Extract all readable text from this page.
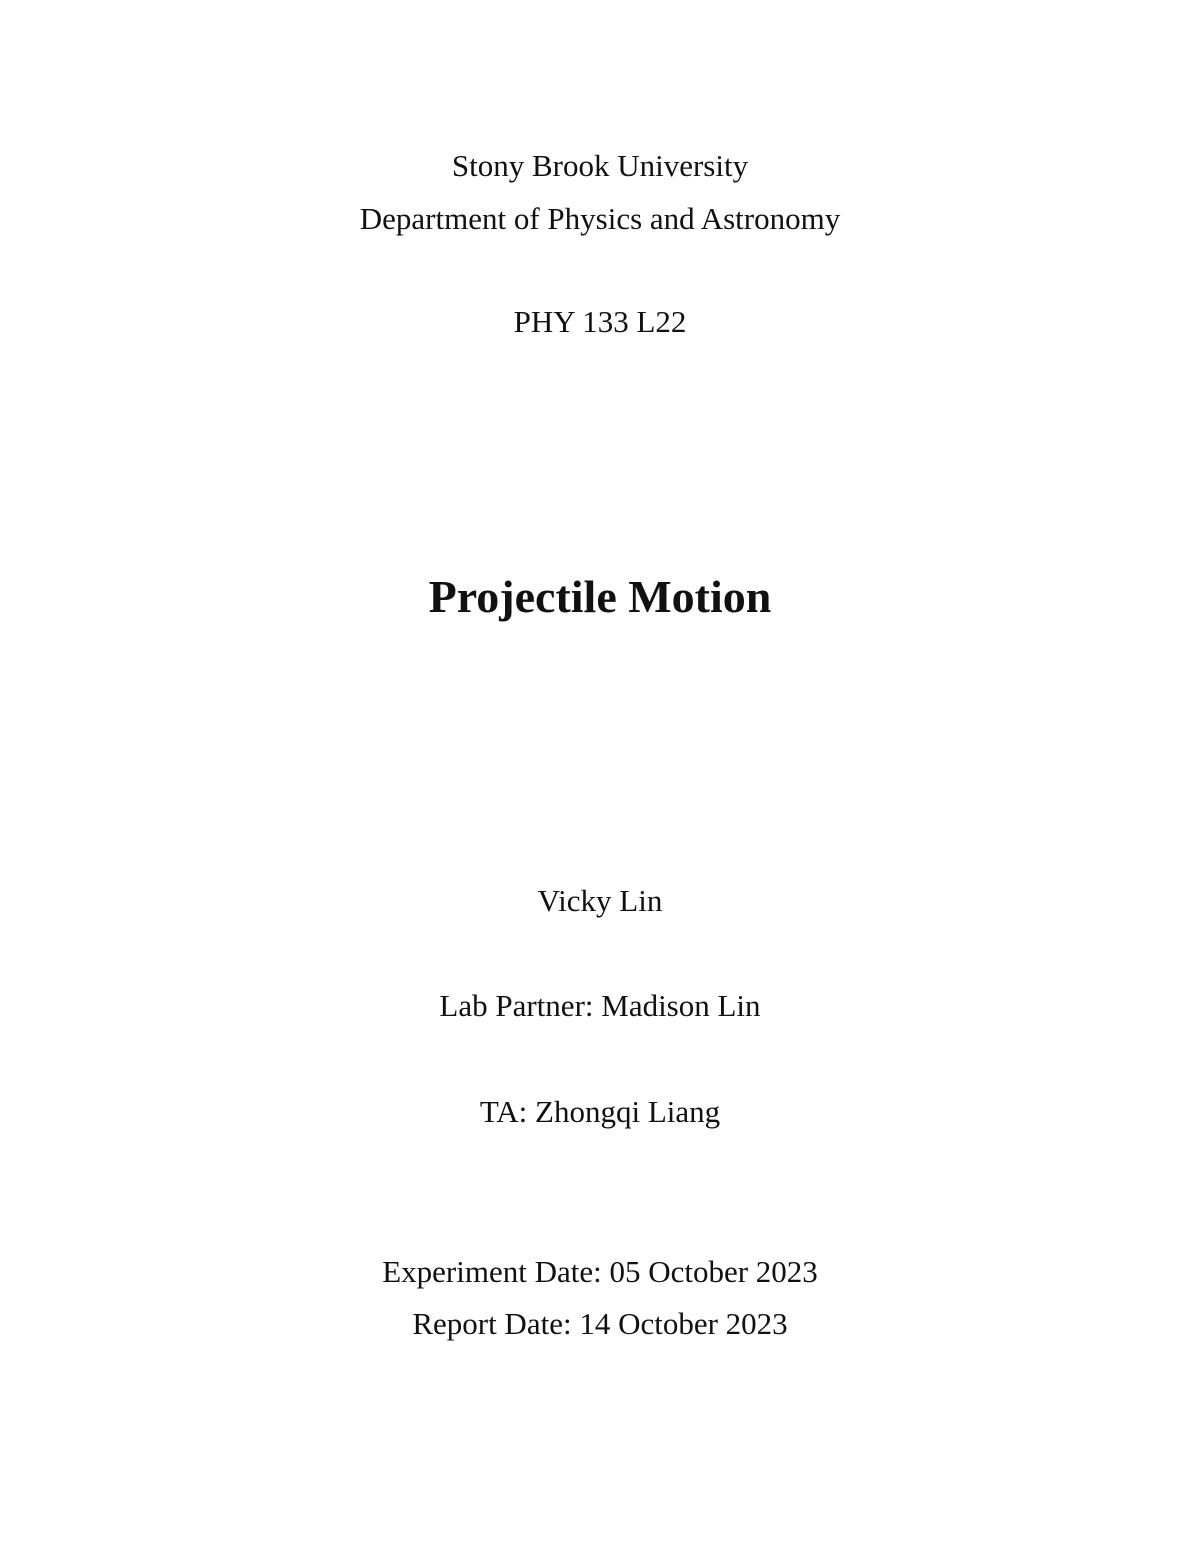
Stony Brook University
Department of Physics and Astronomy
PHY 133 L22
Projectile Motion
Vicky Lin
Lab Partner: Madison Lin
TA: Zhongqi Liang
Experiment Date: 05 October 2023
Report Date: 14 October 2023
